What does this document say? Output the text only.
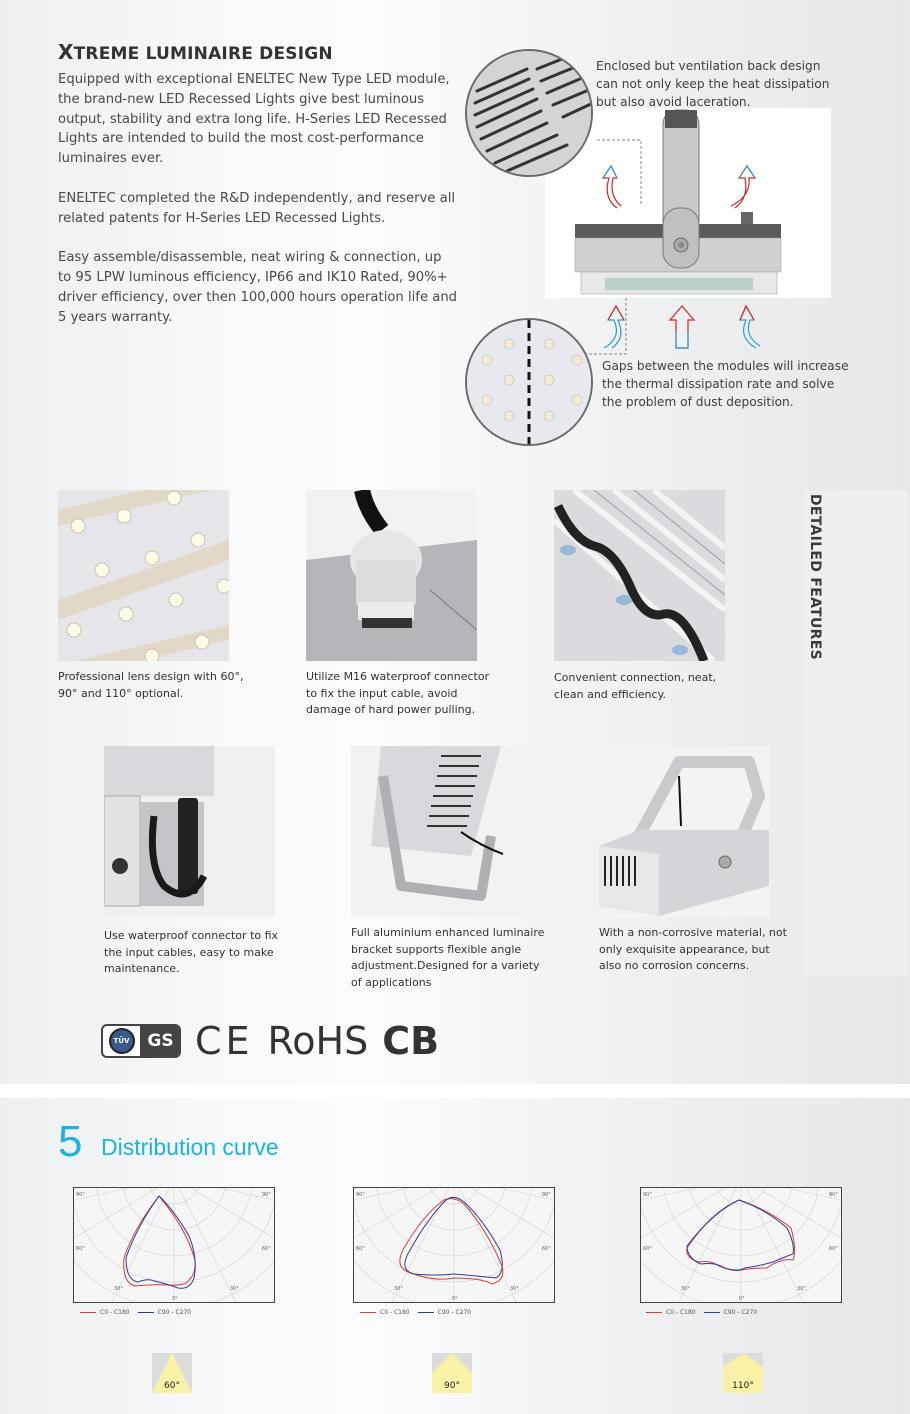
XTREME LUMINAIRE DESIGN

Equipped with exceptional ENELTEC New Type LED module, the brand-new LED Recessed Lights give best luminous output, stability and extra long life. H-Series LED Recessed Lights are intended to build the most cost-performance luminaires ever.

ENELTEC completed the R&D independently, and reserve all related patents for H-Series LED Recessed Lights.

Easy assemble/disassemble, neat wiring & connection, up to 95 LPW luminous efficiency, IP66 and IK10 Rated, 90%+ driver efficiency, over then 100,000 hours operation life and 5 years warranty.

Enclosed but ventilation back design can not only keep the heat dissipation but also avoid laceration.
Gaps between the modules will increase the thermal dissipation rate and solve the problem of dust deposition.
DETAILED FEATURES
Professional lens design with 60°, 90° and 110° optional.
Utilize M16 waterproof connector to fix the input cable, avoid damage of hard power pulling.
Convenient connection, neat, clean and efficiency.
Use waterproof connector to fix the input cables, easy to make maintenance.
Full aluminium enhanced luminaire bracket supports flexible angle adjustment.Designed for a variety of applications
With a non-corrosive material, not only exquisite appearance, but also no corrosion concerns.
TÜV GS CE RoHS CB
5 Distribution curve
90°	90°
60°	60°
30°	30°
0°
C0 - C180	C90 - C270
90°	90°
60°	60°
30°	30°
0°
C0 - C180	C90 - C270
90°	90°
60°	60°
30°	30°
0°
C0 - C180	C90 - C270
60°	90°	110°
